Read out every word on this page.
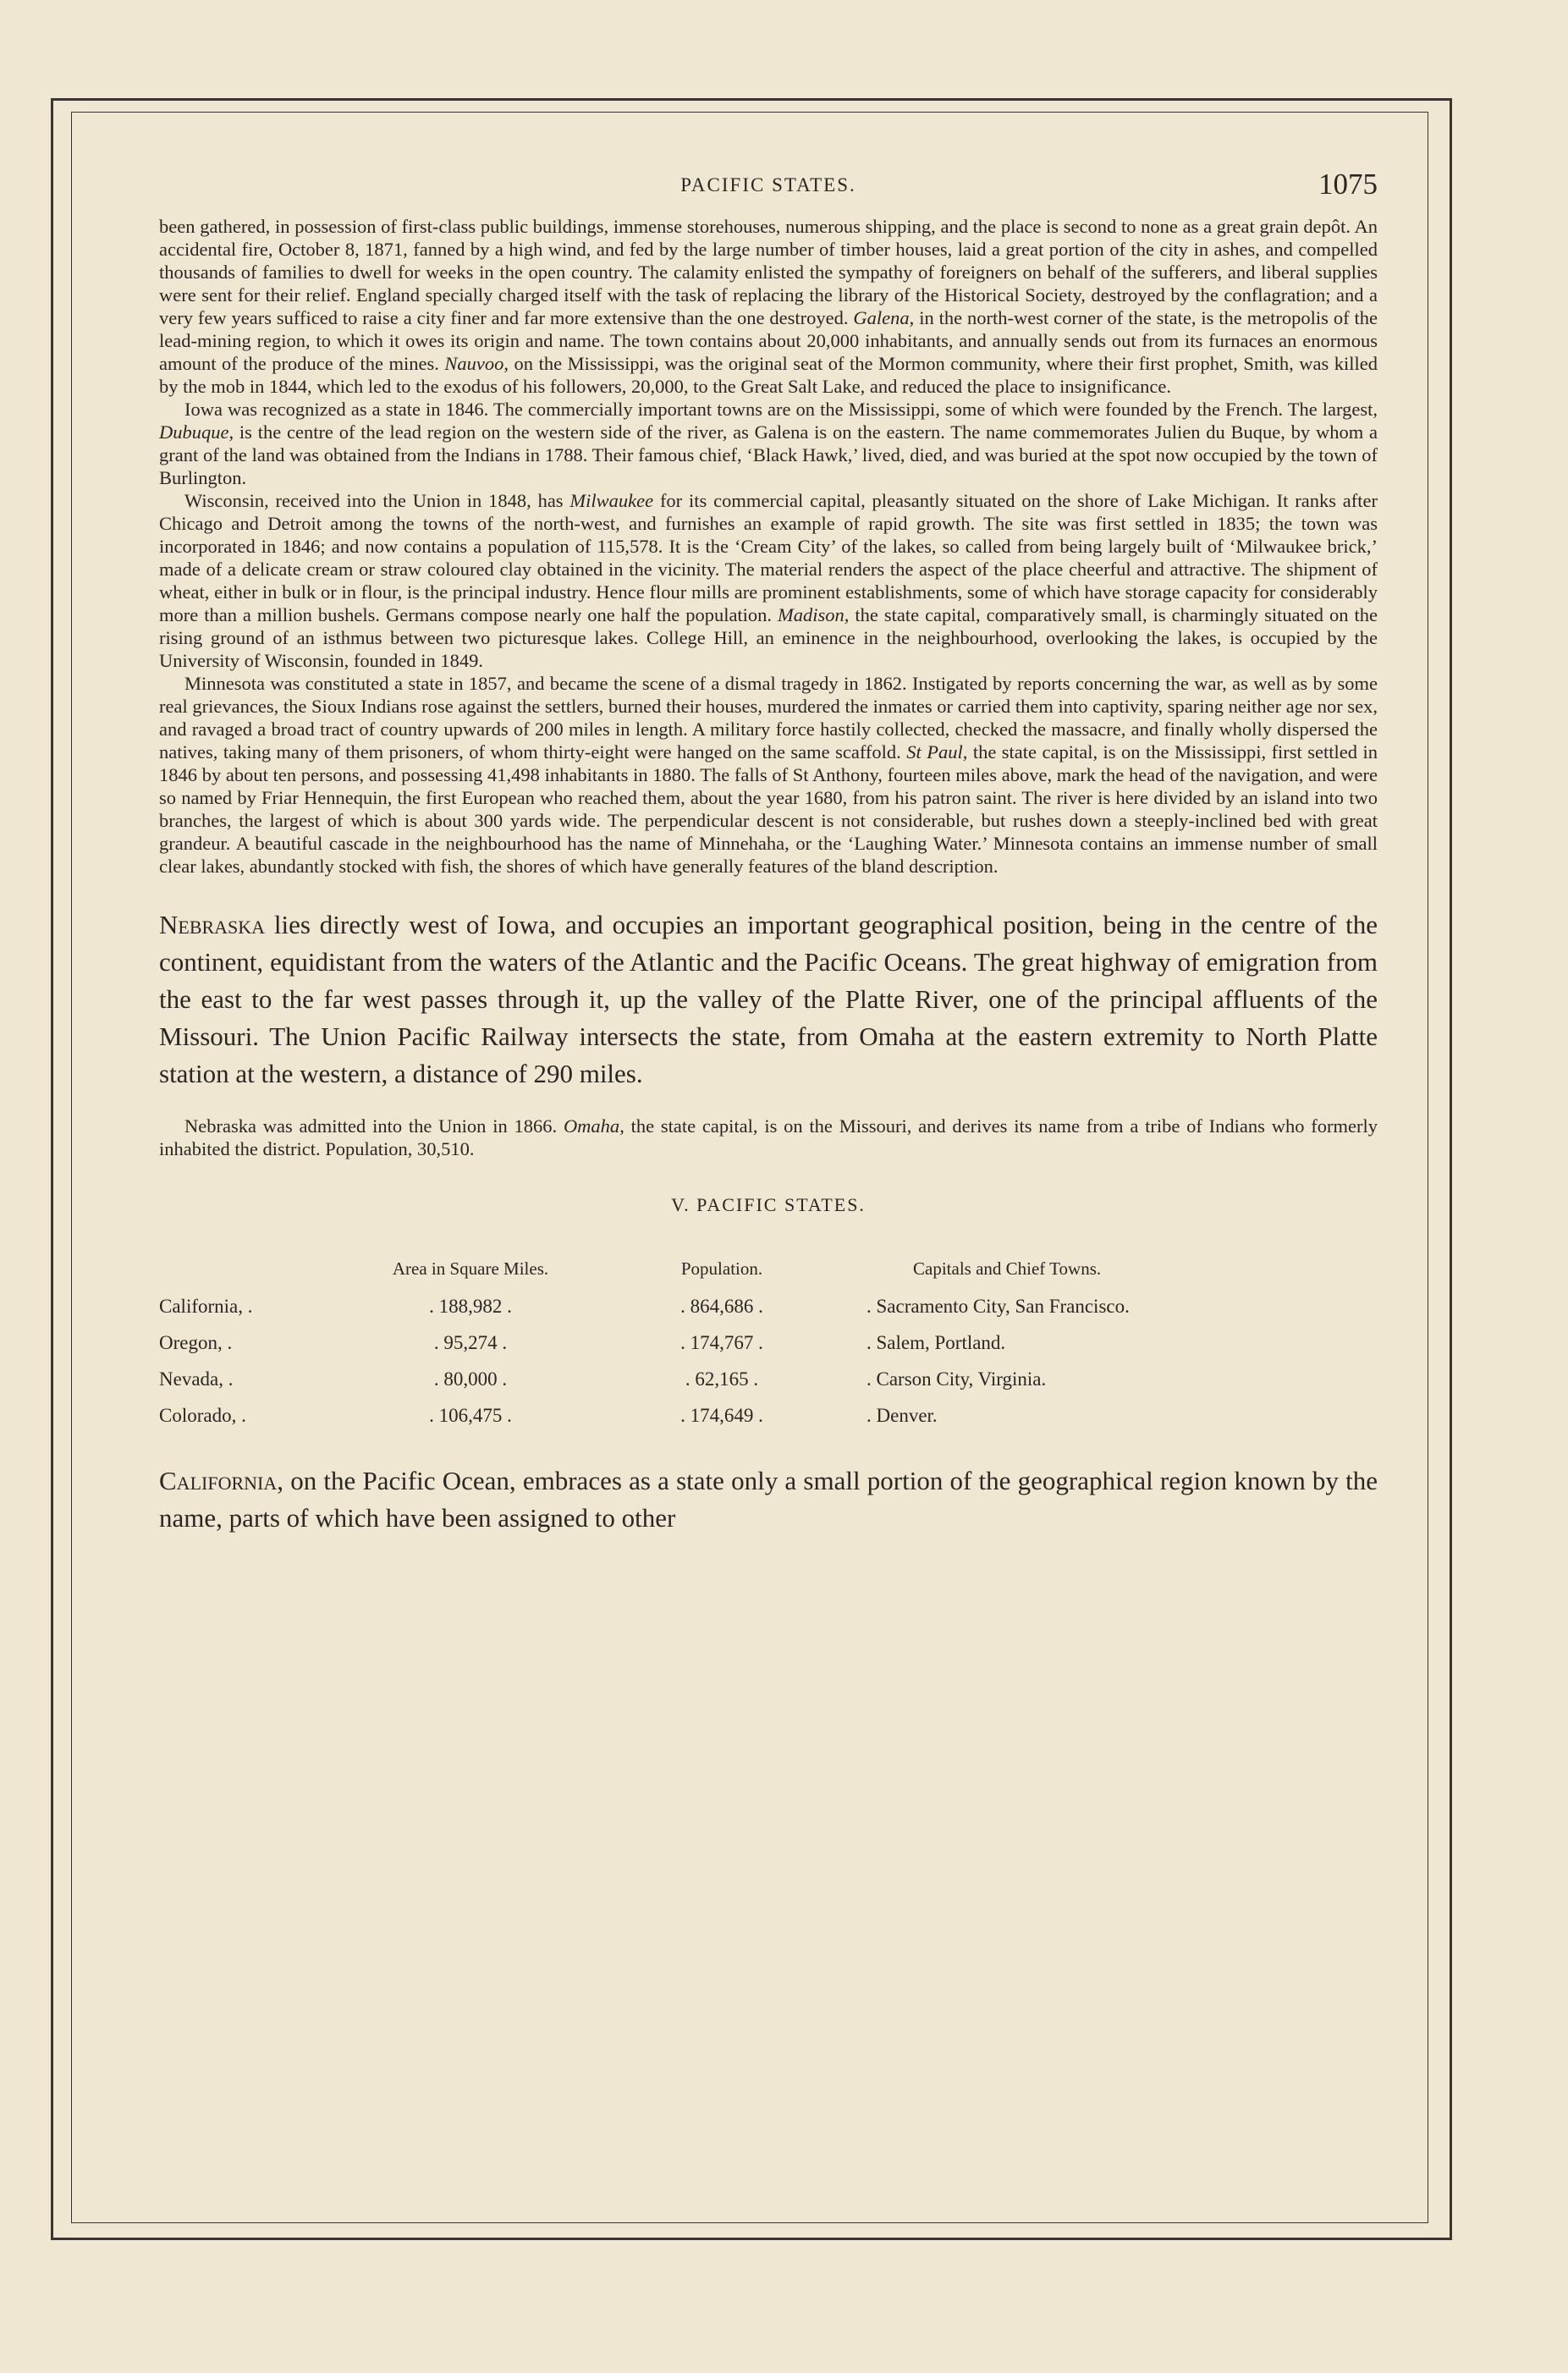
PACIFIC STATES.	1075

been gathered, in possession of first-class public buildings, immense storehouses, numerous shipping, and the place is second to none as a great grain depôt. An accidental fire, October 8, 1871, fanned by a high wind, and fed by the large number of timber houses, laid a great portion of the city in ashes, and compelled thousands of families to dwell for weeks in the open country. The calamity enlisted the sympathy of foreigners on behalf of the sufferers, and liberal supplies were sent for their relief. England specially charged itself with the task of replacing the library of the Historical Society, destroyed by the conflagration; and a very few years sufficed to raise a city finer and far more extensive than the one destroyed. Galena, in the north-west corner of the state, is the metropolis of the lead-mining region, to which it owes its origin and name. The town contains about 20,000 inhabitants, and annually sends out from its furnaces an enormous amount of the produce of the mines. Nauvoo, on the Mississippi, was the original seat of the Mormon community, where their first prophet, Smith, was killed by the mob in 1844, which led to the exodus of his followers, 20,000, to the Great Salt Lake, and reduced the place to insignificance.

Iowa was recognized as a state in 1846. The commercially important towns are on the Mississippi, some of which were founded by the French. The largest, Dubuque, is the centre of the lead region on the western side of the river, as Galena is on the eastern. The name commemorates Julien du Buque, by whom a grant of the land was obtained from the Indians in 1788. Their famous chief, ‘Black Hawk,’ lived, died, and was buried at the spot now occupied by the town of Burlington.

Wisconsin, received into the Union in 1848, has Milwaukee for its commercial capital, pleasantly situated on the shore of Lake Michigan. It ranks after Chicago and Detroit among the towns of the north-west, and furnishes an example of rapid growth. The site was first settled in 1835; the town was incorporated in 1846; and now contains a population of 115,578. It is the ‘Cream City’ of the lakes, so called from being largely built of ‘Milwaukee brick,’ made of a delicate cream or straw coloured clay obtained in the vicinity. The material renders the aspect of the place cheerful and attractive. The shipment of wheat, either in bulk or in flour, is the principal industry. Hence flour mills are prominent establishments, some of which have storage capacity for considerably more than a million bushels. Germans compose nearly one half the population. Madison, the state capital, comparatively small, is charmingly situated on the rising ground of an isthmus between two picturesque lakes. College Hill, an eminence in the neighbourhood, overlooking the lakes, is occupied by the University of Wisconsin, founded in 1849.

Minnesota was constituted a state in 1857, and became the scene of a dismal tragedy in 1862. Instigated by reports concerning the war, as well as by some real grievances, the Sioux Indians rose against the settlers, burned their houses, murdered the inmates or carried them into captivity, sparing neither age nor sex, and ravaged a broad tract of country upwards of 200 miles in length. A military force hastily collected, checked the massacre, and finally wholly dispersed the natives, taking many of them prisoners, of whom thirty-eight were hanged on the same scaffold. St Paul, the state capital, is on the Mississippi, first settled in 1846 by about ten persons, and possessing 41,498 inhabitants in 1880. The falls of St Anthony, fourteen miles above, mark the head of the navigation, and were so named by Friar Hennequin, the first European who reached them, about the year 1680, from his patron saint. The river is here divided by an island into two branches, the largest of which is about 300 yards wide. The perpendicular descent is not considerable, but rushes down a steeply-inclined bed with great grandeur. A beautiful cascade in the neighbourhood has the name of Minnehaha, or the ‘Laughing Water.’ Minnesota contains an immense number of small clear lakes, abundantly stocked with fish, the shores of which have generally features of the bland description.

Nebraska lies directly west of Iowa, and occupies an important geographical position, being in the centre of the continent, equidistant from the waters of the Atlantic and the Pacific Oceans. The great highway of emigration from the east to the far west passes through it, up the valley of the Platte River, one of the principal affluents of the Missouri. The Union Pacific Railway intersects the state, from Omaha at the eastern extremity to North Platte station at the western, a distance of 290 miles.

Nebraska was admitted into the Union in 1866. Omaha, the state capital, is on the Missouri, and derives its name from a tribe of Indians who formerly inhabited the district. Population, 30,510.

V. PACIFIC STATES.
	Area in Square Miles.	Population.	Capitals and Chief Towns.
California, .	. 188,982 .	. 864,686 .	. Sacramento City, San Francisco.
Oregon, .	. 95,274 .	. 174,767 .	. Salem, Portland.
Nevada, .	. 80,000 .	. 62,165 .	. Carson City, Virginia.
Colorado, .	. 106,475 .	. 174,649 .	. Denver.

California, on the Pacific Ocean, embraces as a state only a small portion of the geographical region known by the name, parts of which have been assigned to other
